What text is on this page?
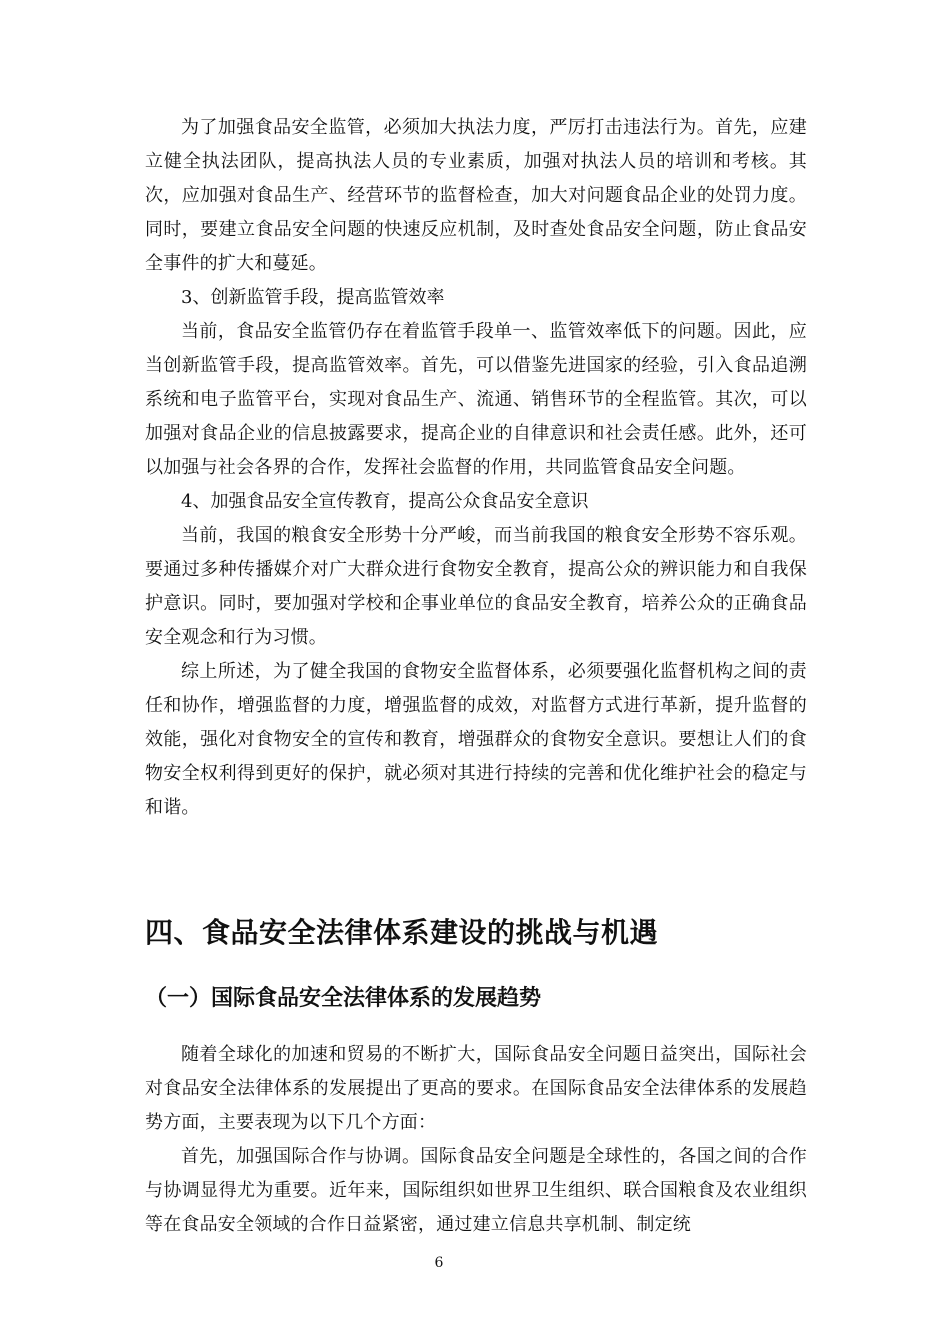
为了加强食品安全监管，必须加大执法力度，严厉打击违法行为。首先，应建立健全执法团队，提高执法人员的专业素质，加强对执法人员的培训和考核。其次，应加强对食品生产、经营环节的监督检查，加大对问题食品企业的处罚力度。同时，要建立食品安全问题的快速反应机制，及时查处食品安全问题，防止食品安全事件的扩大和蔓延。

3、创新监管手段，提高监管效率

当前，食品安全监管仍存在着监管手段单一、监管效率低下的问题。因此，应当创新监管手段，提高监管效率。首先，可以借鉴先进国家的经验，引入食品追溯系统和电子监管平台，实现对食品生产、流通、销售环节的全程监管。其次，可以加强对食品企业的信息披露要求，提高企业的自律意识和社会责任感。此外，还可以加强与社会各界的合作，发挥社会监督的作用，共同监管食品安全问题。

4、加强食品安全宣传教育，提高公众食品安全意识

当前，我国的粮食安全形势十分严峻，而当前我国的粮食安全形势不容乐观。要通过多种传播媒介对广大群众进行食物安全教育，提高公众的辨识能力和自我保护意识。同时，要加强对学校和企事业单位的食品安全教育，培养公众的正确食品安全观念和行为习惯。

综上所述，为了健全我国的食物安全监督体系，必须要强化监督机构之间的责任和协作，增强监督的力度，增强监督的成效，对监督方式进行革新，提升监督的效能，强化对食物安全的宣传和教育，增强群众的食物安全意识。要想让人们的食物安全权利得到更好的保护，就必须对其进行持续的完善和优化维护社会的稳定与和谐。

四、食品安全法律体系建设的挑战与机遇
（一）国际食品安全法律体系的发展趋势

随着全球化的加速和贸易的不断扩大，国际食品安全问题日益突出，国际社会对食品安全法律体系的发展提出了更高的要求。在国际食品安全法律体系的发展趋势方面，主要表现为以下几个方面：

首先，加强国际合作与协调。国际食品安全问题是全球性的，各国之间的合作与协调显得尤为重要。近年来，国际组织如世界卫生组织、联合国粮食及农业组织等在食品安全领域的合作日益紧密，通过建立信息共享机制、制定统

6
